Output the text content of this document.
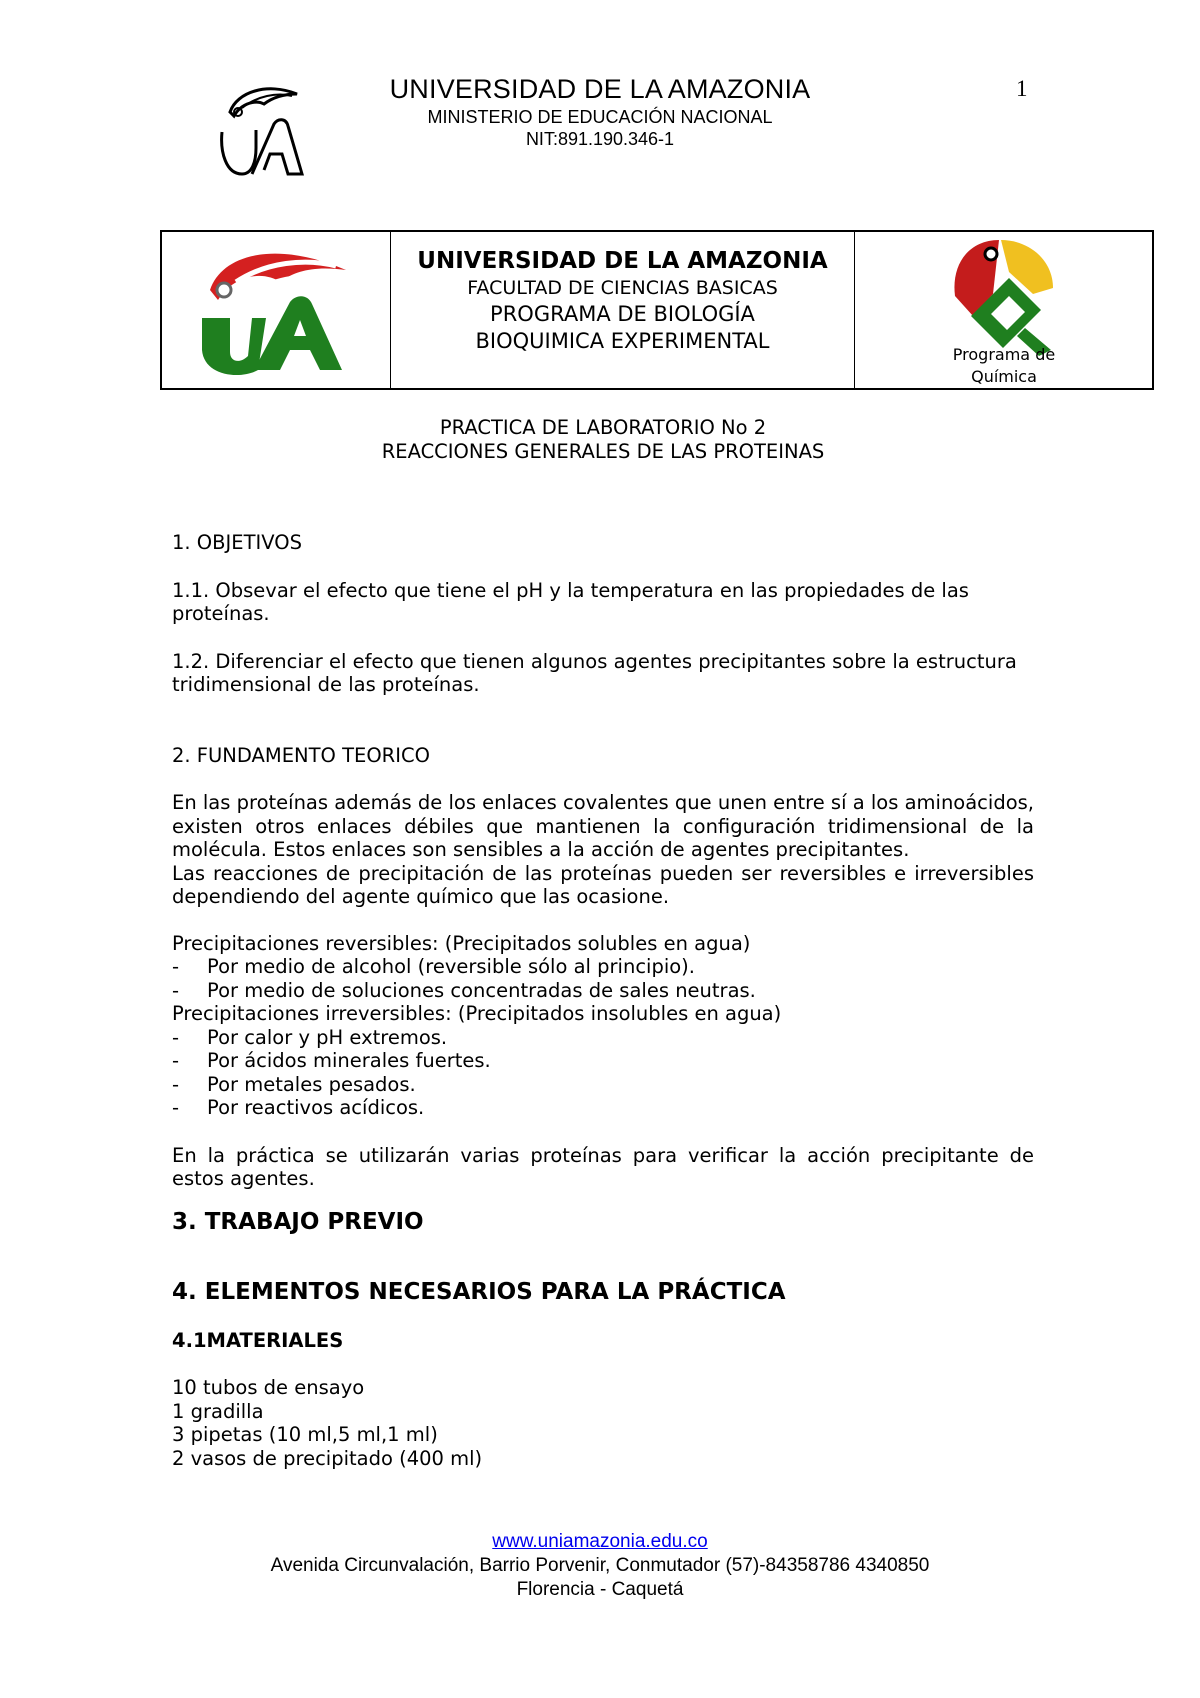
UNIVERSIDAD DE LA AMAZONIA
MINISTERIO DE EDUCACIÓN NACIONAL
NIT:891.190.346-1
1
UNIVERSIDAD DE LA AMAZONIA
FACULTAD DE CIENCIAS BASICAS
PROGRAMA DE BIOLOGÍA
BIOQUIMICA EXPERIMENTAL
Programa de
Química
PRACTICA DE LABORATORIO No 2
REACCIONES GENERALES DE LAS PROTEINAS
1. OBJETIVOS

1.1. Obsevar el efecto que tiene el pH y la temperatura en las propiedades de las proteínas.

1.2. Diferenciar el efecto que tienen algunos agentes precipitantes sobre la estructura tridimensional de las proteínas.

2. FUNDAMENTO TEORICO

En las proteínas además de los enlaces covalentes que unen entre sí a los aminoácidos, existen otros enlaces débiles que mantienen la configuración tridimensional de la molécula. Estos enlaces son sensibles a la acción de agentes precipitantes.

Las reacciones de precipitación de las proteínas pueden ser reversibles e irreversibles dependiendo del agente químico que las ocasione.

Precipitaciones reversibles: (Precipitados solubles en agua)
-	Por medio de alcohol (reversible sólo al principio).
-	Por medio de soluciones concentradas de sales neutras.
Precipitaciones irreversibles: (Precipitados insolubles en agua)
-	Por calor y pH extremos.
-	Por ácidos minerales fuertes.
-	Por metales pesados.
-	Por reactivos acídicos.

En la práctica se utilizarán varias proteínas para verificar la acción precipitante de estos agentes.

3. TRABAJO PREVIO
4. ELEMENTOS NECESARIOS PARA LA PRÁCTICA
4.1MATERIALES
10 tubos de ensayo
1 gradilla
3 pipetas (10 ml,5 ml,1 ml)
2 vasos de precipitado (400 ml)
www.uniamazonia.edu.co
Avenida Circunvalación, Barrio Porvenir, Conmutador (57)-84358786 4340850
Florencia - Caquetá
